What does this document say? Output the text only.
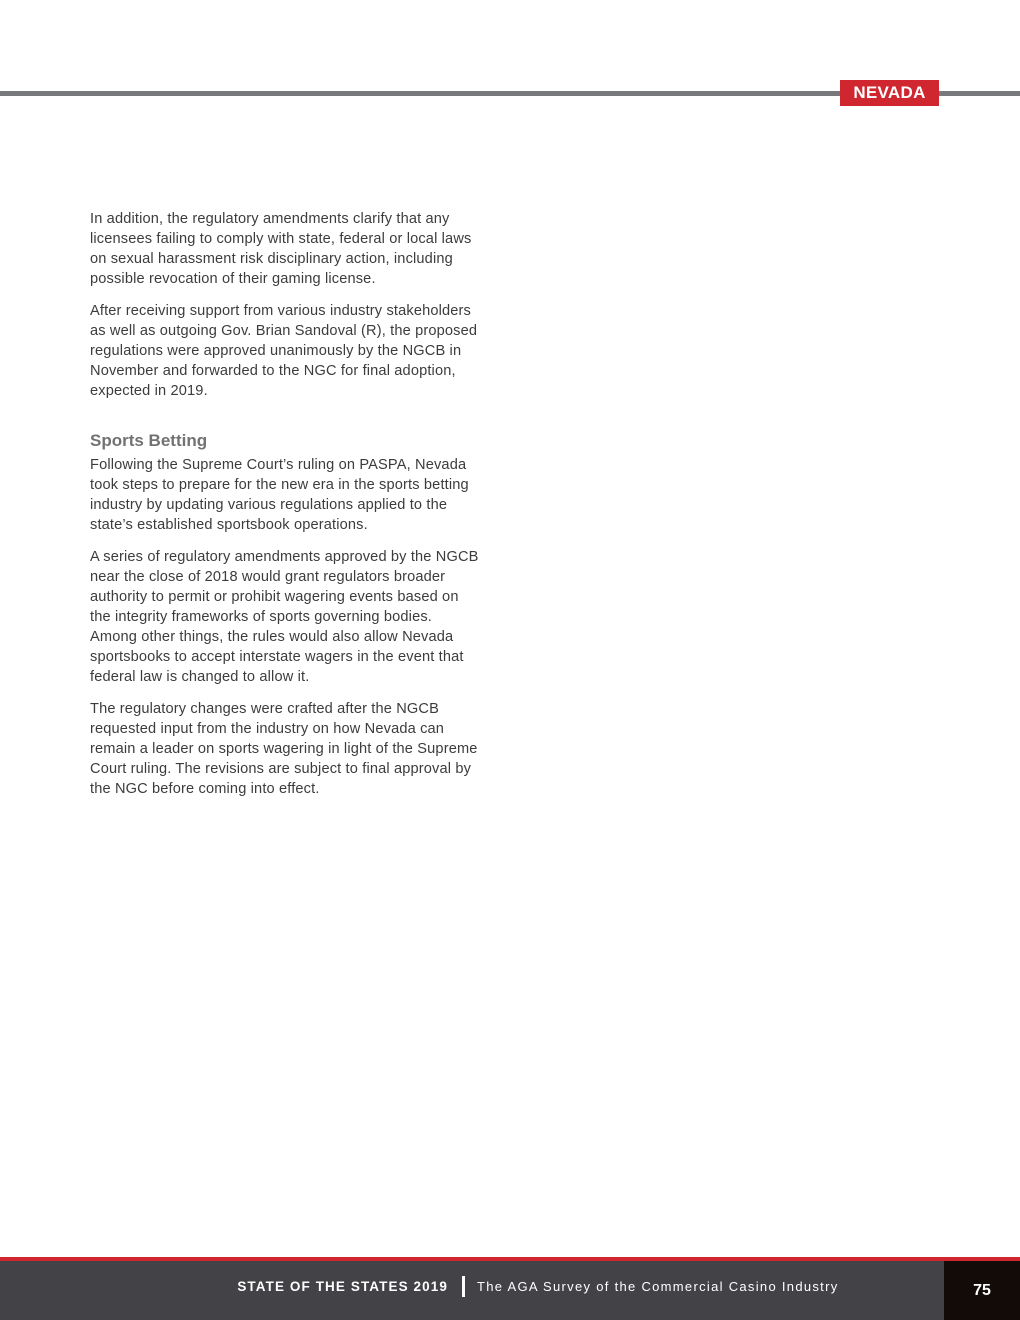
NEVADA

In addition, the regulatory amendments clarify that any licensees failing to comply with state, federal or local laws on sexual harassment risk disciplinary action, including possible revocation of their gaming license.

After receiving support from various industry stakeholders as well as outgoing Gov. Brian Sandoval (R), the proposed regulations were approved unanimously by the NGCB in November and forwarded to the NGC for final adoption, expected in 2019.

Sports Betting

Following the Supreme Court’s ruling on PASPA, Nevada took steps to prepare for the new era in the sports betting industry by updating various regulations applied to the state’s established sportsbook operations.

A series of regulatory amendments approved by the NGCB near the close of 2018 would grant regulators broader authority to permit or prohibit wagering events based on the integrity frameworks of sports governing bodies. Among other things, the rules would also allow Nevada sportsbooks to accept interstate wagers in the event that federal law is changed to allow it.

The regulatory changes were crafted after the NGCB requested input from the industry on how Nevada can remain a leader on sports wagering in light of the Supreme Court ruling. The revisions are subject to final approval by the NGC before coming into effect.

STATE OF THE STATES 2019 The AGA Survey of the Commercial Casino Industry	75
